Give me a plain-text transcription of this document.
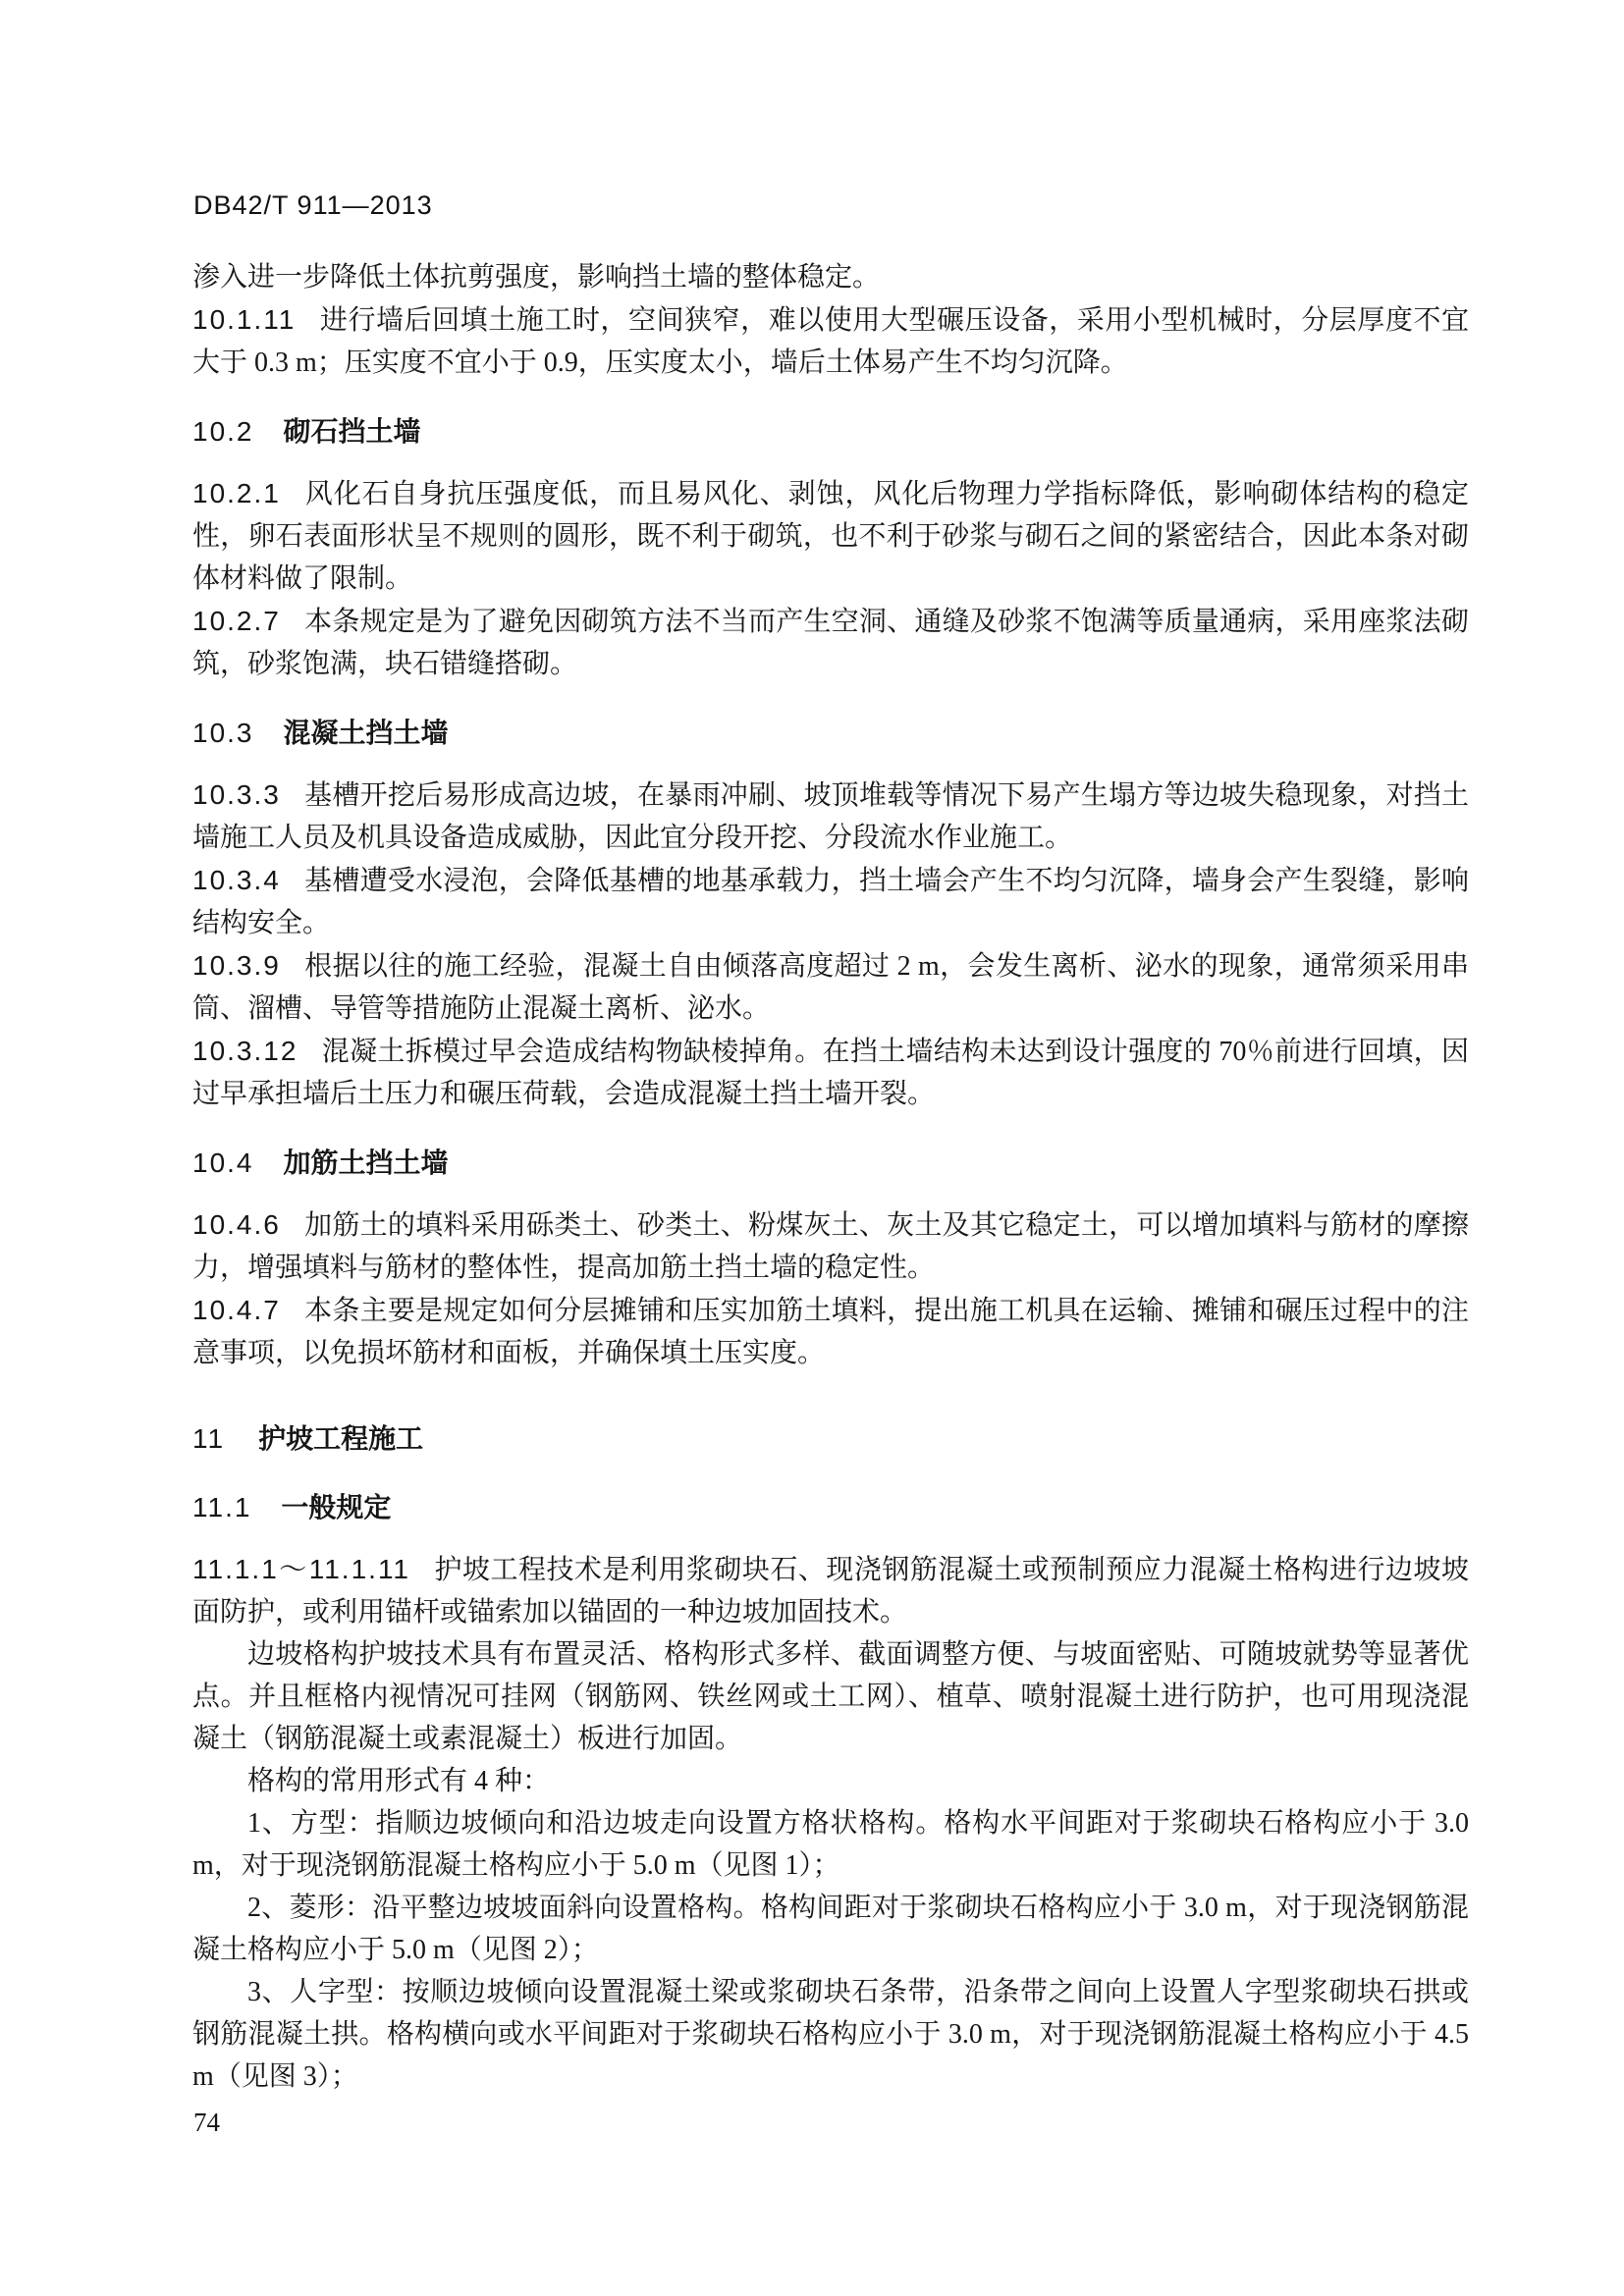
DB42/T 911—2013

渗入进一步降低土体抗剪强度，影响挡土墙的整体稳定。

10.1.11 进行墙后回填土施工时，空间狭窄，难以使用大型碾压设备，采用小型机械时，分层厚度不宜大于 0.3 m；压实度不宜小于 0.9，压实度太小，墙后土体易产生不均匀沉降。

10.2 砌石挡土墙

10.2.1 风化石自身抗压强度低，而且易风化、剥蚀，风化后物理力学指标降低，影响砌体结构的稳定性，卵石表面形状呈不规则的圆形，既不利于砌筑，也不利于砂浆与砌石之间的紧密结合，因此本条对砌体材料做了限制。

10.2.7 本条规定是为了避免因砌筑方法不当而产生空洞、通缝及砂浆不饱满等质量通病，采用座浆法砌筑，砂浆饱满，块石错缝搭砌。

10.3 混凝土挡土墙

10.3.3 基槽开挖后易形成高边坡，在暴雨冲刷、坡顶堆载等情况下易产生塌方等边坡失稳现象，对挡土墙施工人员及机具设备造成威胁，因此宜分段开挖、分段流水作业施工。

10.3.4 基槽遭受水浸泡，会降低基槽的地基承载力，挡土墙会产生不均匀沉降，墙身会产生裂缝，影响结构安全。

10.3.9 根据以往的施工经验，混凝土自由倾落高度超过 2 m，会发生离析、泌水的现象，通常须采用串筒、溜槽、导管等措施防止混凝土离析、泌水。

10.3.12 混凝土拆模过早会造成结构物缺棱掉角。在挡土墙结构未达到设计强度的 70％前进行回填，因过早承担墙后土压力和碾压荷载，会造成混凝土挡土墙开裂。

10.4 加筋土挡土墙

10.4.6 加筋土的填料采用砾类土、砂类土、粉煤灰土、灰土及其它稳定土，可以增加填料与筋材的摩擦力，增强填料与筋材的整体性，提高加筋土挡土墙的稳定性。

10.4.7 本条主要是规定如何分层摊铺和压实加筋土填料，提出施工机具在运输、摊铺和碾压过程中的注意事项，以免损坏筋材和面板，并确保填土压实度。

11 护坡工程施工
11.1 一般规定

11.1.1～11.1.11 护坡工程技术是利用浆砌块石、现浇钢筋混凝土或预制预应力混凝土格构进行边坡坡面防护，或利用锚杆或锚索加以锚固的一种边坡加固技术。

边坡格构护坡技术具有布置灵活、格构形式多样、截面调整方便、与坡面密贴、可随坡就势等显著优点。并且框格内视情况可挂网（钢筋网、铁丝网或土工网）、植草、喷射混凝土进行防护，也可用现浇混凝土（钢筋混凝土或素混凝土）板进行加固。

格构的常用形式有 4 种：

1、方型：指顺边坡倾向和沿边坡走向设置方格状格构。格构水平间距对于浆砌块石格构应小于 3.0 m，对于现浇钢筋混凝土格构应小于 5.0 m（见图 1）；

2、菱形：沿平整边坡坡面斜向设置格构。格构间距对于浆砌块石格构应小于 3.0 m，对于现浇钢筋混凝土格构应小于 5.0 m（见图 2）；

3、人字型：按顺边坡倾向设置混凝土梁或浆砌块石条带，沿条带之间向上设置人字型浆砌块石拱或钢筋混凝土拱。格构横向或水平间距对于浆砌块石格构应小于 3.0 m，对于现浇钢筋混凝土格构应小于 4.5 m（见图 3）；

74
